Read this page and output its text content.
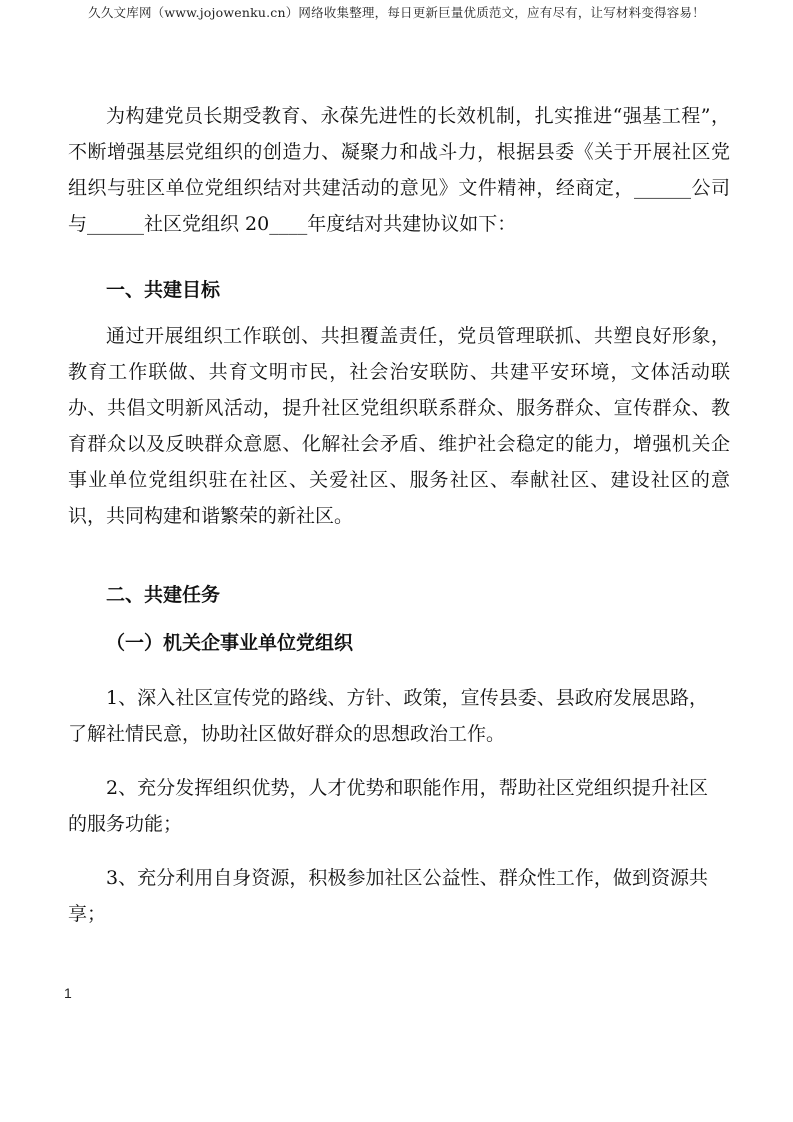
久久文库网（www.jojowenku.cn）网络收集整理，每日更新巨量优质范文，应有尽有，让写材料变得容易！

为构建党员长期受教育、永葆先进性的长效机制，扎实推进“强基工程”，不断增强基层党组织的创造力、凝聚力和战斗力，根据县委《关于开展社区党组织与驻区单位党组织结对共建活动的意见》文件精神，经商定，______公司与______社区党组织 20____年度结对共建协议如下：

一、共建目标

通过开展组织工作联创、共担覆盖责任，党员管理联抓、共塑良好形象，教育工作联做、共育文明市民，社会治安联防、共建平安环境，文体活动联办、共倡文明新风活动，提升社区党组织联系群众、服务群众、宣传群众、教育群众以及反映群众意愿、化解社会矛盾、维护社会稳定的能力，增强机关企事业单位党组织驻在社区、关爱社区、服务社区、奉献社区、建设社区的意识，共同构建和谐繁荣的新社区。

二、共建任务

（一）机关企事业单位党组织

1、深入社区宣传党的路线、方针、政策，宣传县委、县政府发展思路，了解社情民意，协助社区做好群众的思想政治工作。

2、充分发挥组织优势，人才优势和职能作用，帮助社区党组织提升社区的服务功能；

3、充分利用自身资源，积极参加社区公益性、群众性工作，做到资源共享；

1
